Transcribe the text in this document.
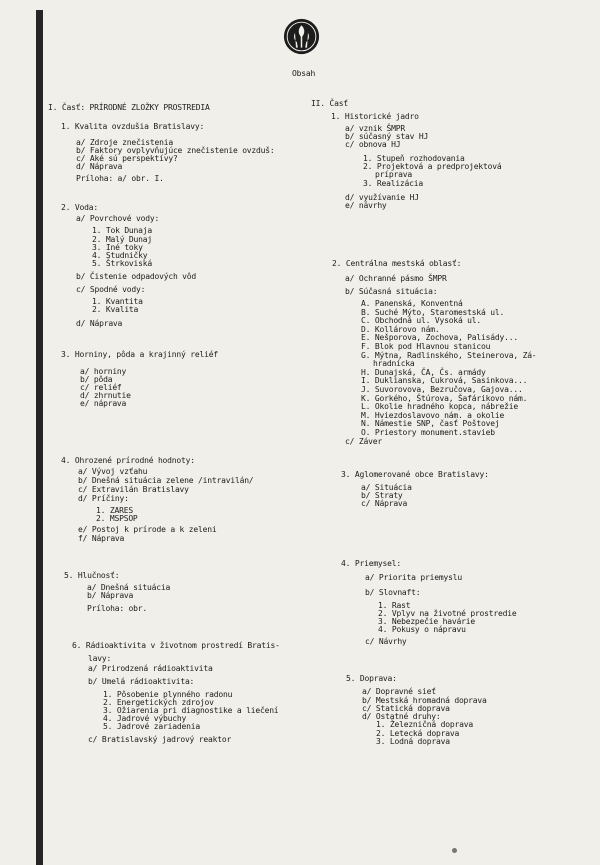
Obsah
I. Časť: PRÍRODNÉ ZLOŽKY PROSTREDIA
1. Kvalita ovzdušia Bratislavy:
a/ Zdroje znečistenia
b/ Faktory ovplyvňujúce znečistenie ovzduš:
c/ Aké sú perspektívy?
d/ Náprava
Príloha: a/ obr. I.
2. Voda:
a/ Povrchové vody:
1. Tok Dunaja
2. Malý Dunaj
3. Iné toky
4. Studničky
5. Štrkoviská
b/ Čistenie odpadových vôd
c/ Spodné vody:
1. Kvantita
2. Kvalita
d/ Náprava
3. Horniny, pôda a krajinný reliéf
a/ horniny
b/ pôda
c/ reliéf
d/ zhrnutie
e/ náprava
4. Ohrozené prírodné hodnoty:
a/ Vývoj vzťahu
b/ Dnešná situácia zelene /intravilán/
c/ Extravilán Bratislavy
d/ Príčiny:
1. ZARES
2. MSPSOP
e/ Postoj k prírode a k zeleni
f/ Náprava
5. Hlučnosť:
a/ Dnešná situácia
b/ Náprava
Príloha: obr.
6. Rádioaktivita v životnom prostredí Bratis-
lavy:
a/ Prirodzená rádioaktivita
b/ Umelá rádioaktivita:
1. Pôsobenie plynného radonu
2. Energetických zdrojov
3. Ožiarenia pri diagnostike a liečení
4. Jadrové výbuchy
5. Jadrové zariadenia
c/ Bratislavský jadrový reaktor
II. Časť
1. Historické jadro
a/ vznik ŠMPR
b/ súčasný stav HJ
c/ obnova HJ
1. Stupeň rozhodovania
2. Projektová a predprojektová
príprava
3. Realizácia
d/ využívanie HJ
e/ návrhy
2. Centrálna mestská oblasť:
a/ Ochranné pásmo ŠMPR
b/ Súčasná situácia:
A. Panenská, Konventná
B. Suché Mýto, Staromestská ul.
C. Obchodná ul. Vysoká ul.
D. Kollárovo nám.
E. Nešporova, Zochova, Palisády...
F. Blok pod Hlavnou stanicou
G. Mýtna, Radlinského, Steinerova, Zá-
hradnícka
H. Dunajská, ČA, Čs. armády
I. Duklianska, Cukrová, Sasinkova...
J. Suvorovova, Bezručova, Gajova...
K. Gorkého, Štúrova, Šafárikovo nám.
L. Okolie hradného kopca, nábrežie
M. Hviezdoslavovo nám. a okolie
N. Námestie SNP, časť Poštovej
O. Priestory monument.stavieb
c/ Záver
3. Aglomerované obce Bratislavy:
a/ Situácia
b/ Straty
c/ Náprava
4. Priemysel:
a/ Priorita priemyslu
b/ Slovnaft:
1. Rast
2. Vplyv na životné prostredie
3. Nebezpečie havárie
4. Pokusy o nápravu
c/ Návrhy
5. Doprava:
a/ Dopravné sieť
b/ Mestská hromadná doprava
c/ Statická doprava
d/ Ostatné druhy:
1. Železničná doprava
2. Letecká doprava
3. Lodná doprava
